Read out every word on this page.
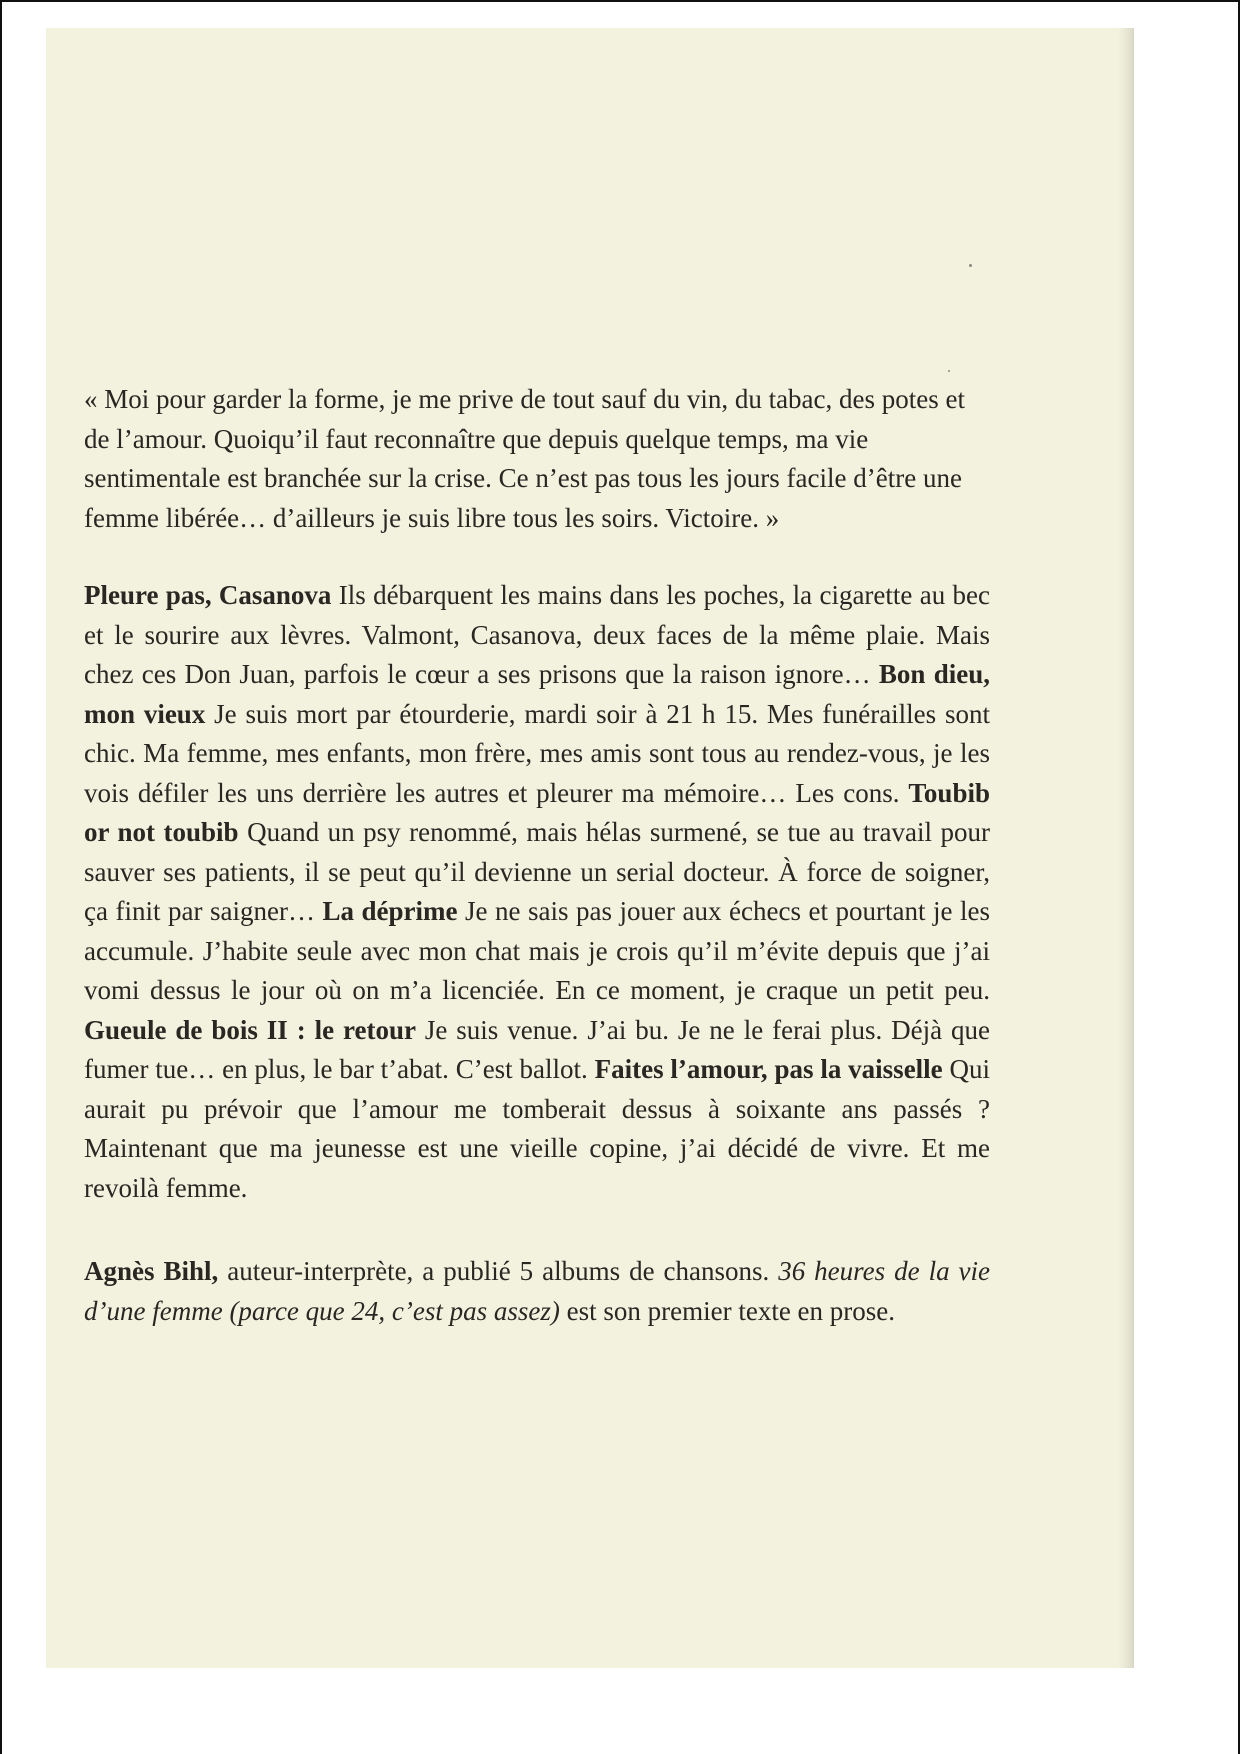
« Moi pour garder la forme, je me prive de tout sauf du vin, du tabac, des potes et de l’amour. Quoiqu’il faut reconnaître que depuis quelque temps, ma vie sentimentale est branchée sur la crise. Ce n’est pas tous les jours facile d’être une femme libérée… d’ailleurs je suis libre tous les soirs. Victoire. »

Pleure pas, Casanova Ils débarquent les mains dans les poches, la cigarette au bec et le sourire aux lèvres. Valmont, Casanova, deux faces de la même plaie. Mais chez ces Don Juan, parfois le cœur a ses prisons que la raison ignore… Bon dieu, mon vieux Je suis mort par étourderie, mardi soir à 21 h 15. Mes funérailles sont chic. Ma femme, mes enfants, mon frère, mes amis sont tous au rendez-vous, je les vois défiler les uns derrière les autres et pleurer ma mémoire… Les cons. Toubib or not toubib Quand un psy renommé, mais hélas surmené, se tue au travail pour sauver ses patients, il se peut qu’il devienne un serial docteur. À force de soigner, ça finit par saigner… La déprime Je ne sais pas jouer aux échecs et pourtant je les accumule. J’habite seule avec mon chat mais je crois qu’il m’évite depuis que j’ai vomi dessus le jour où on m’a licenciée. En ce moment, je craque un petit peu. Gueule de bois II : le retour Je suis venue. J’ai bu. Je ne le ferai plus. Déjà que fumer tue… en plus, le bar t’abat. C’est ballot. Faites l’amour, pas la vaisselle Qui aurait pu prévoir que l’amour me tomberait dessus à soixante ans passés ? Maintenant que ma jeunesse est une vieille copine, j’ai décidé de vivre. Et me revoilà femme.

Agnès Bihl, auteur-interprète, a publié 5 albums de chansons. 36 heures de la vie d’une femme (parce que 24, c’est pas assez) est son premier texte en prose.
